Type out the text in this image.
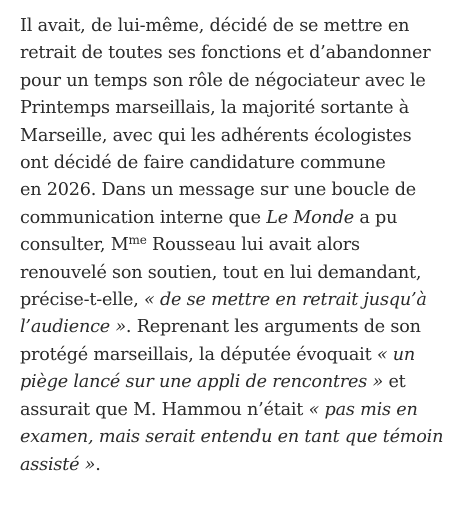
Il avait, de lui-même, décidé de se mettre en
retrait de toutes ses fonctions et d’abandonner
pour un temps son rôle de négociateur avec le
Printemps marseillais, la majorité sortante à
Marseille, avec qui les adhérents écologistes
ont décidé de faire candidature commune
en 2026. Dans un message sur une boucle de
communication interne que Le Monde a pu
consulter, $M^{me}$ Rousseau lui avait alors
renouvelé son soutien, tout en lui demandant,
précise-t-elle, « de se mettre en retrait jusqu’à
l’audience ». Reprenant les arguments de son
protégé marseillais, la députée évoquait « un
piège lancé sur une appli de rencontres » et
assurait que M. Hammou n’était « pas mis en
examen, mais serait entendu en tant que témoin
assisté ».
